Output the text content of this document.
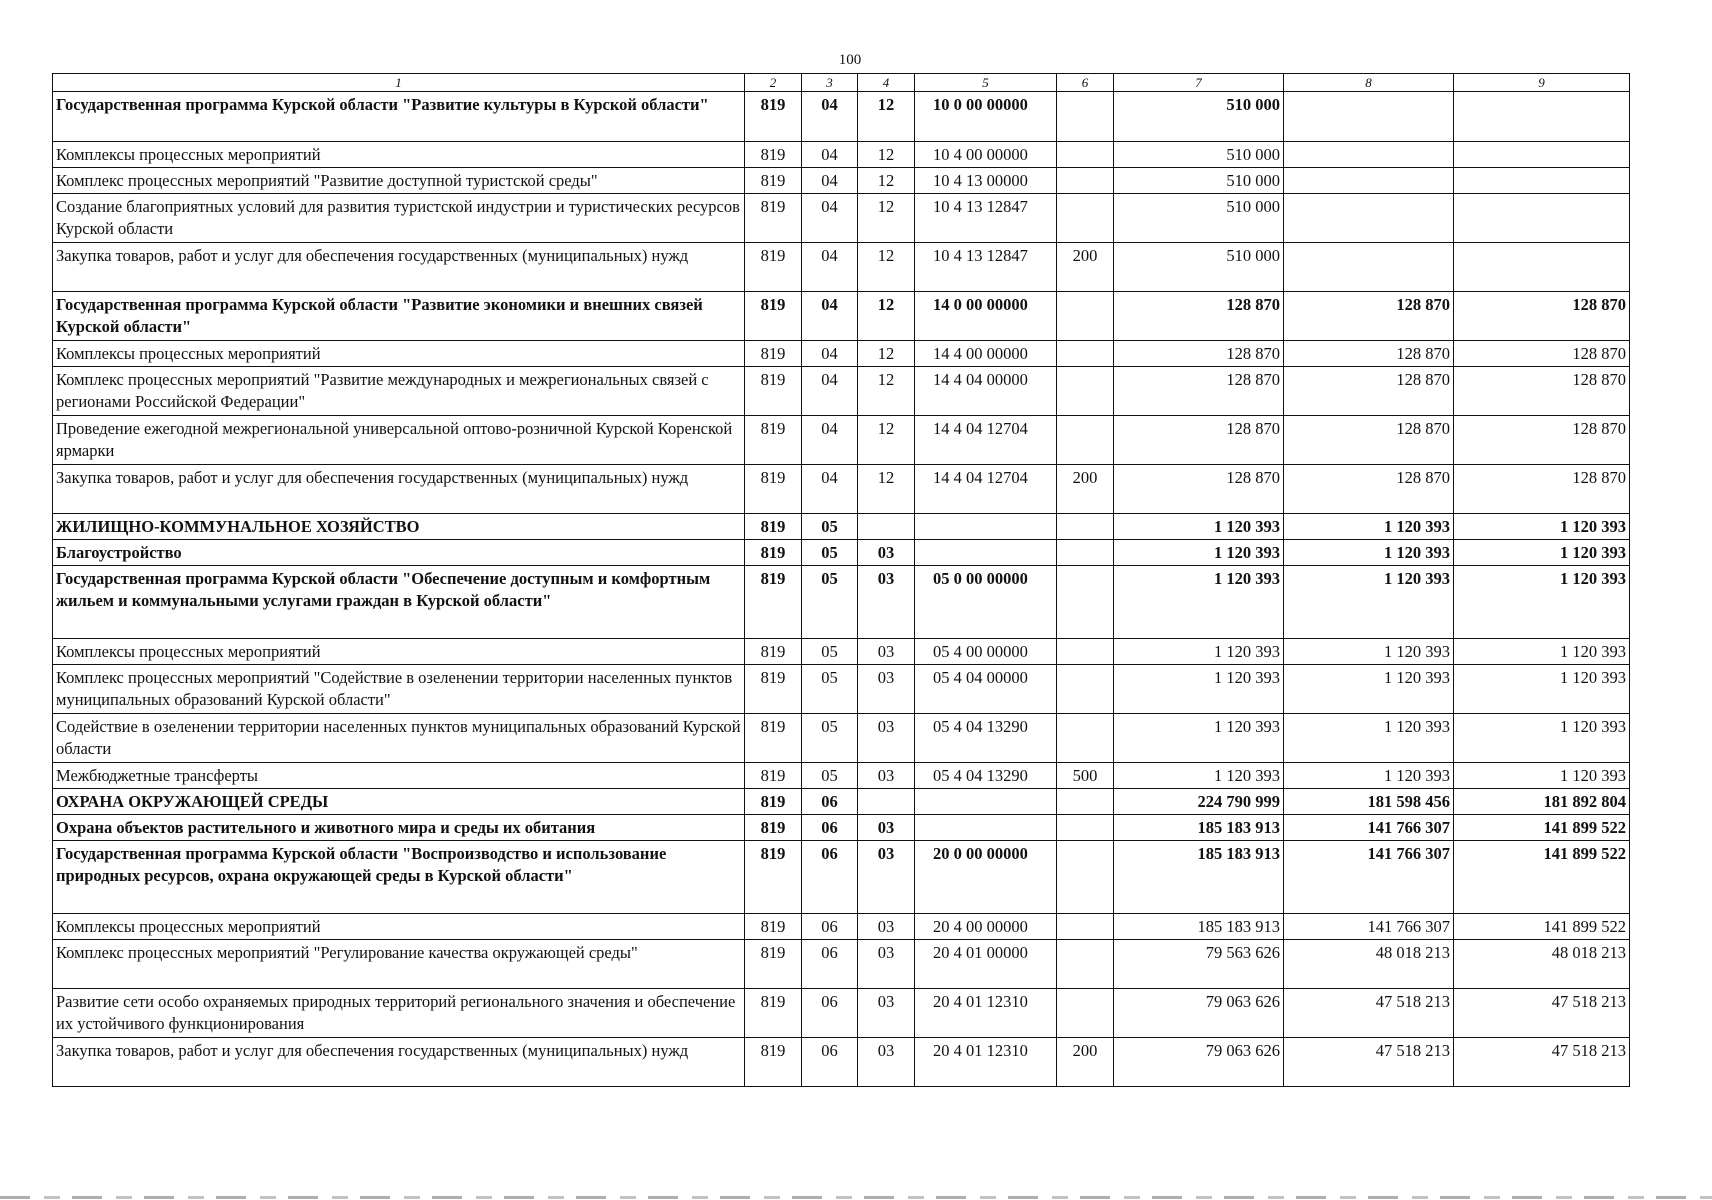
100
1	2	3	4	5	6	7	8	9
Государственная программа Курской области "Развитие культуры в Курской области"	819	04	12	10 0 00 00000		510 000		
Комплексы процессных мероприятий	819	04	12	10 4 00 00000		510 000		
Комплекс процессных мероприятий "Развитие доступной туристской среды"	819	04	12	10 4 13 00000		510 000		
Создание благоприятных условий для развития туристской индустрии и туристических ресурсов Курской области	819	04	12	10 4 13 12847		510 000		
Закупка товаров, работ и услуг для обеспечения государственных (муниципальных) нужд	819	04	12	10 4 13 12847	200	510 000		
Государственная программа Курской области "Развитие экономики и внешних связей Курской области"	819	04	12	14 0 00 00000		128 870	128 870	128 870
Комплексы процессных мероприятий	819	04	12	14 4 00 00000		128 870	128 870	128 870
Комплекс процессных мероприятий "Развитие международных и межрегиональных связей с регионами Российской Федерации"	819	04	12	14 4 04 00000		128 870	128 870	128 870
Проведение ежегодной межрегиональной универсальной оптово-розничной Курской Коренской ярмарки	819	04	12	14 4 04 12704		128 870	128 870	128 870
Закупка товаров, работ и услуг для обеспечения государственных (муниципальных) нужд	819	04	12	14 4 04 12704	200	128 870	128 870	128 870
ЖИЛИЩНО-КОММУНАЛЬНОЕ ХОЗЯЙСТВО	819	05				1 120 393	1 120 393	1 120 393
Благоустройство	819	05	03			1 120 393	1 120 393	1 120 393
Государственная программа Курской области "Обеспечение доступным и комфортным жильем и коммунальными услугами граждан в Курской области"	819	05	03	05 0 00 00000		1 120 393	1 120 393	1 120 393
Комплексы процессных мероприятий	819	05	03	05 4 00 00000		1 120 393	1 120 393	1 120 393
Комплекс процессных мероприятий "Содействие в озеленении территории населенных пунктов муниципальных образований Курской области"	819	05	03	05 4 04 00000		1 120 393	1 120 393	1 120 393
Содействие в озеленении территории населенных пунктов муниципальных образований Курской области	819	05	03	05 4 04 13290		1 120 393	1 120 393	1 120 393
Межбюджетные трансферты	819	05	03	05 4 04 13290	500	1 120 393	1 120 393	1 120 393
ОХРАНА ОКРУЖАЮЩЕЙ СРЕДЫ	819	06				224 790 999	181 598 456	181 892 804
Охрана объектов растительного и животного мира и среды их обитания	819	06	03			185 183 913	141 766 307	141 899 522
Государственная программа Курской области "Воспроизводство и использование природных ресурсов, охрана окружающей среды в Курской области"	819	06	03	20 0 00 00000		185 183 913	141 766 307	141 899 522
Комплексы процессных мероприятий	819	06	03	20 4 00 00000		185 183 913	141 766 307	141 899 522
Комплекс процессных мероприятий "Регулирование качества окружающей среды"	819	06	03	20 4 01 00000		79 563 626	48 018 213	48 018 213
Развитие сети особо охраняемых природных территорий регионального значения и обеспечение их устойчивого функционирования	819	06	03	20 4 01 12310		79 063 626	47 518 213	47 518 213
Закупка товаров, работ и услуг для обеспечения государственных (муниципальных) нужд	819	06	03	20 4 01 12310	200	79 063 626	47 518 213	47 518 213
